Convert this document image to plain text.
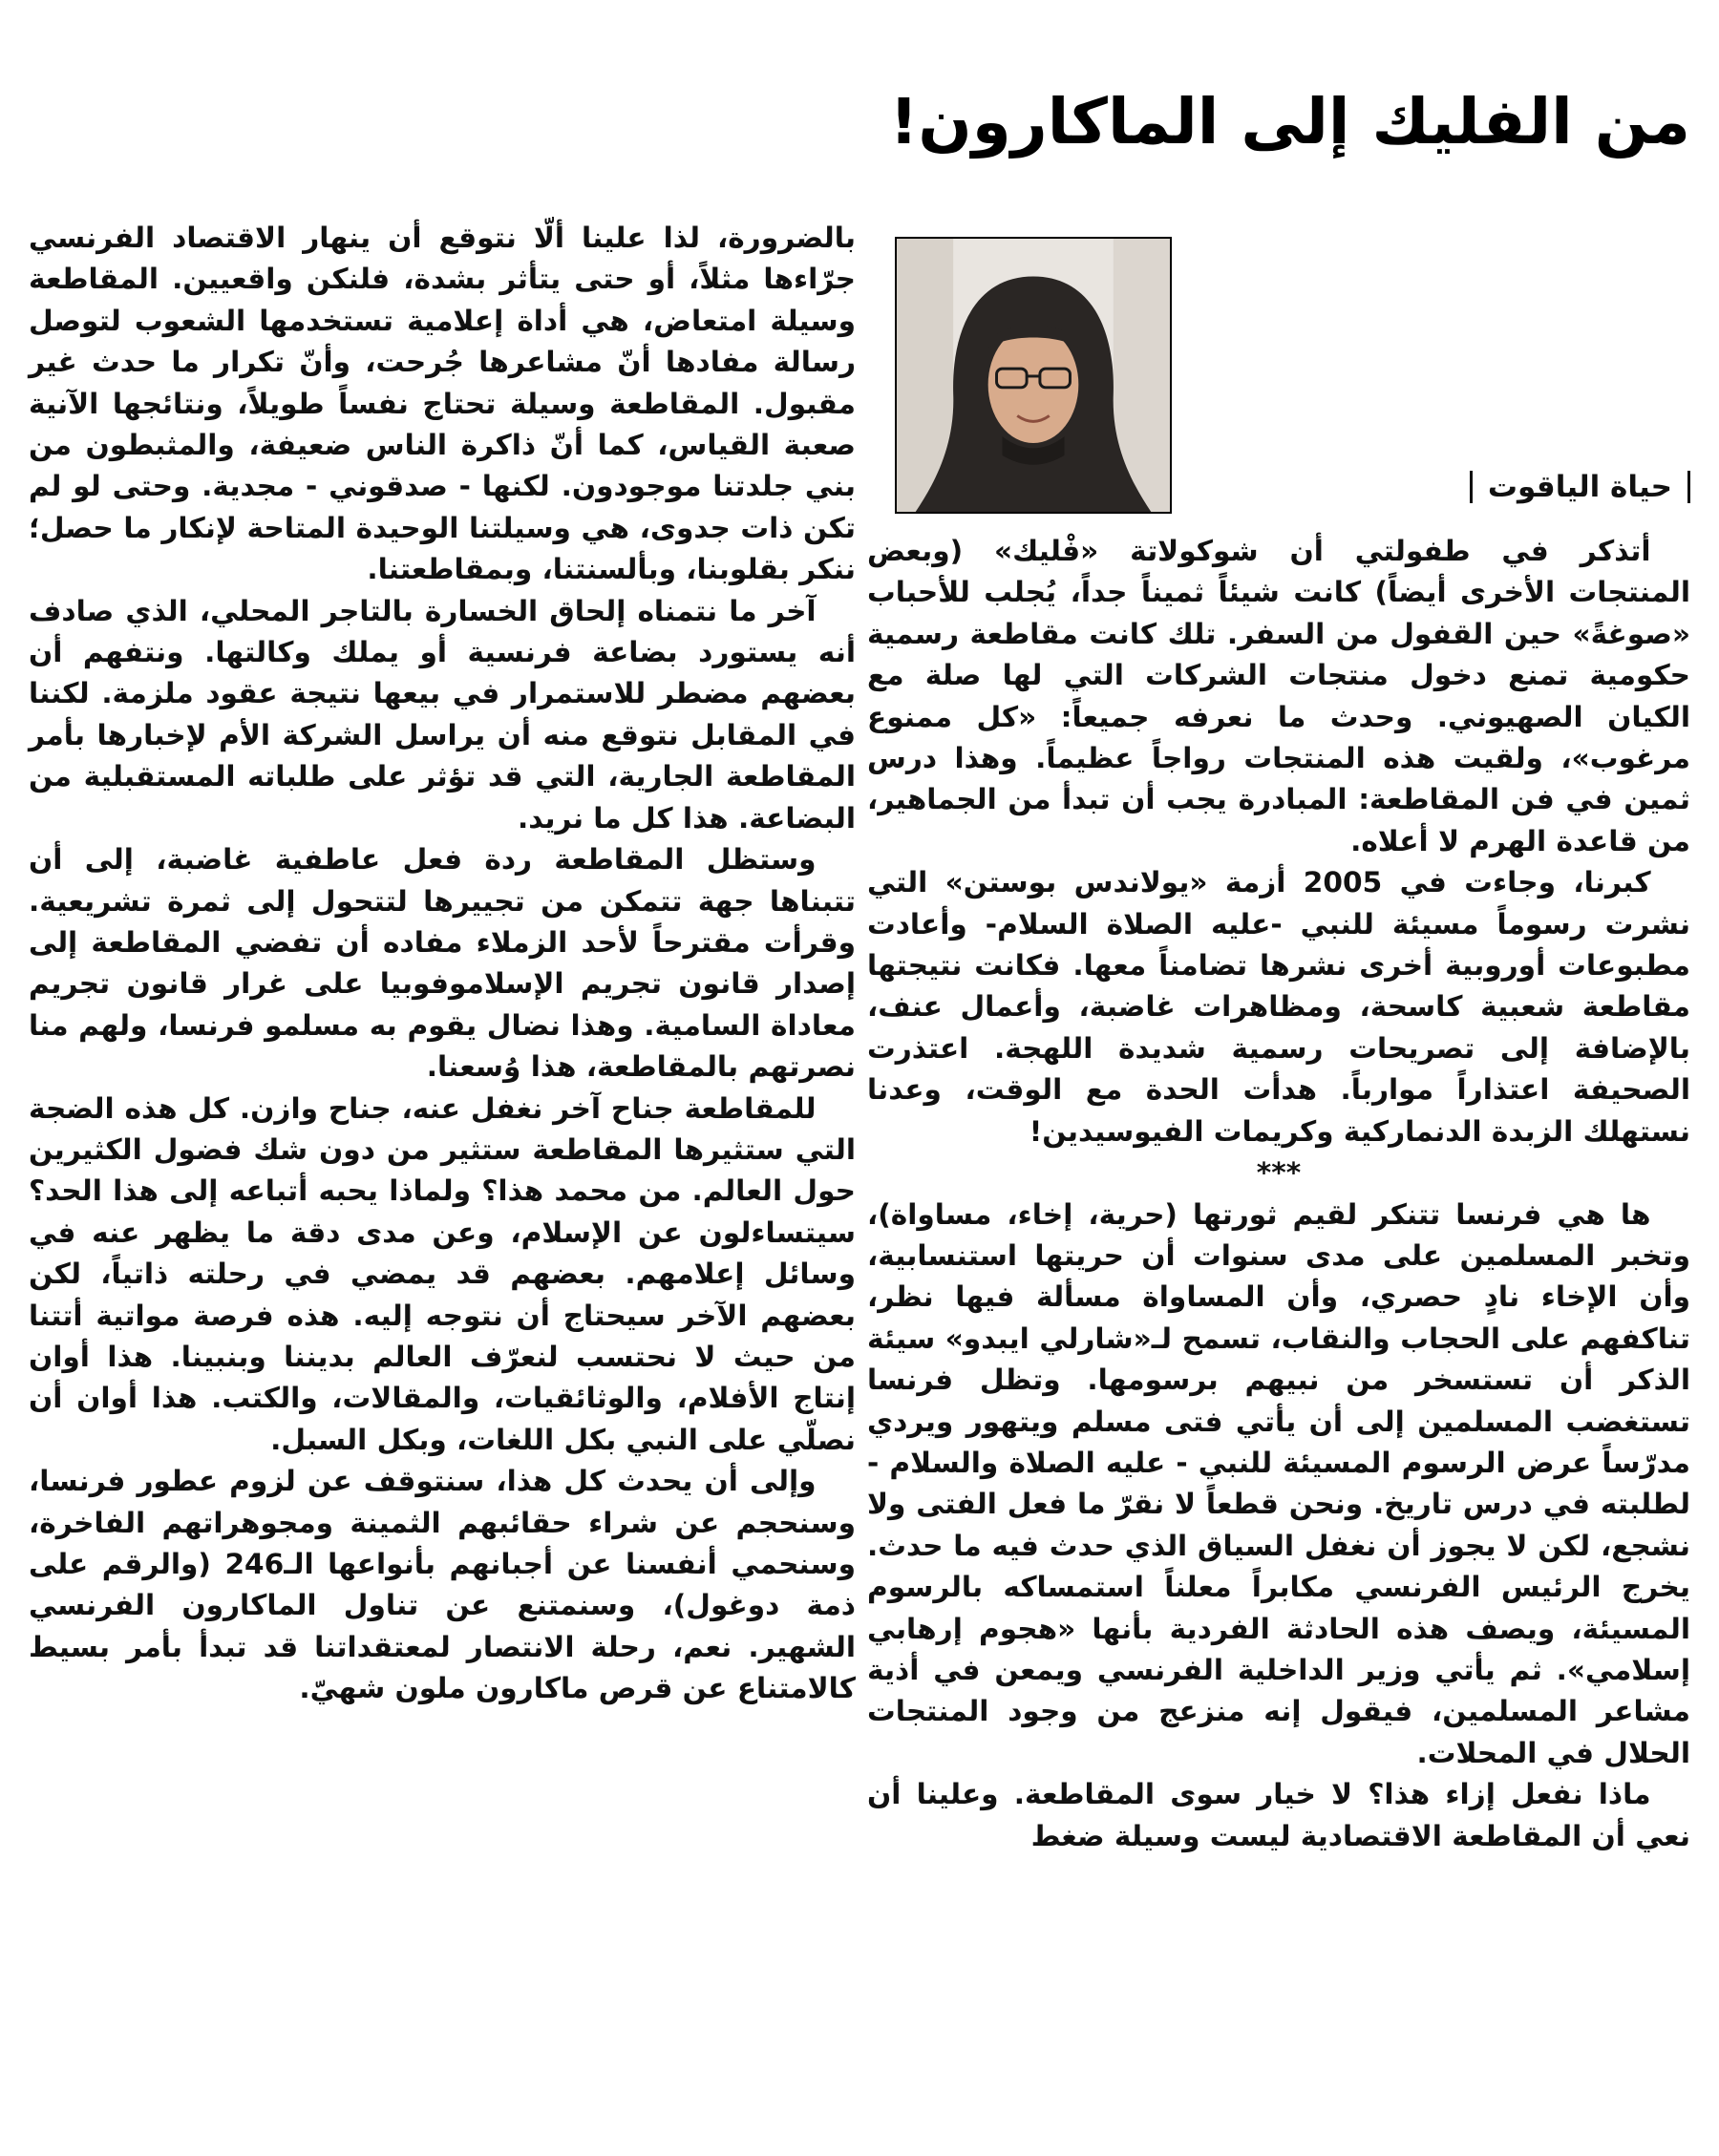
من الفليك إلى الماكارون!
حياة الياقوت

أتذكر في طفولتي أن شوكولاتة «فْليك» (وبعض المنتجات الأخرى أيضاً) كانت شيئاً ثميناً جداً، يُجلب للأحباب «صوغةً» حين القفول من السفر. تلك كانت مقاطعة رسمية حكومية تمنع دخول منتجات الشركات التي لها صلة مع الكيان الصهيوني. وحدث ما نعرفه جميعاً: «كل ممنوع مرغوب»، ولقيت هذه المنتجات رواجاً عظيماً. وهذا درس ثمين في فن المقاطعة: المبادرة يجب أن تبدأ من الجماهير، من قاعدة الهرم لا أعلاه.

كبرنا، وجاءت في 2005 أزمة «يولاندس بوستن» التي نشرت رسوماً مسيئة للنبي -عليه الصلاة السلام- وأعادت مطبوعات أوروبية أخرى نشرها تضامناً معها. فكانت نتيجتها مقاطعة شعبية كاسحة، ومظاهرات غاضبة، وأعمال عنف، بالإضافة إلى تصريحات رسمية شديدة اللهجة. اعتذرت الصحيفة اعتذاراً موارباً. هدأت الحدة مع الوقت، وعدنا نستهلك الزبدة الدنماركية وكريمات الفيوسيدين!

***

ها هي فرنسا تتنكر لقيم ثورتها (حرية، إخاء، مساواة)، وتخبر المسلمين على مدى سنوات أن حريتها استنسابية، وأن الإخاء نادٍ حصري، وأن المساواة مسألة فيها نظر، تناكفهم على الحجاب والنقاب، تسمح لـ«شارلي ايبدو» سيئة الذكر أن تستسخر من نبيهم برسومها. وتظل فرنسا تستغضب المسلمين إلى أن يأتي فتى مسلم ويتهور ويردي مدرّساً عرض الرسوم المسيئة للنبي - عليه الصلاة والسلام - لطلبته في درس تاريخ. ونحن قطعاً لا نقرّ ما فعل الفتى ولا نشجع، لكن لا يجوز أن نغفل السياق الذي حدث فيه ما حدث. يخرج الرئيس الفرنسي مكابراً معلناً استمساكه بالرسوم المسيئة، ويصف هذه الحادثة الفردية بأنها «هجوم إرهابي إسلامي». ثم يأتي وزير الداخلية الفرنسي ويمعن في أذية مشاعر المسلمين، فيقول إنه منزعج من وجود المنتجات الحلال في المحلات.

ماذا نفعل إزاء هذا؟ لا خيار سوى المقاطعة. وعلينا أن نعي أن المقاطعة الاقتصادية ليست وسيلة ضغط

بالضرورة، لذا علينا ألّا نتوقع أن ينهار الاقتصاد الفرنسي جرّاءها مثلاً، أو حتى يتأثر بشدة، فلنكن واقعيين. المقاطعة وسيلة امتعاض، هي أداة إعلامية تستخدمها الشعوب لتوصل رسالة مفادها أنّ مشاعرها جُرحت، وأنّ تكرار ما حدث غير مقبول. المقاطعة وسيلة تحتاج نفساً طويلاً، ونتائجها الآنية صعبة القياس، كما أنّ ذاكرة الناس ضعيفة، والمثبطون من بني جلدتنا موجودون. لكنها - صدقوني - مجدية. وحتى لو لم تكن ذات جدوى، هي وسيلتنا الوحيدة المتاحة لإنكار ما حصل؛ ننكر بقلوبنا، وبألسنتنا، وبمقاطعتنا.

آخر ما نتمناه إلحاق الخسارة بالتاجر المحلي، الذي صادف أنه يستورد بضاعة فرنسية أو يملك وكالتها. ونتفهم أن بعضهم مضطر للاستمرار في بيعها نتيجة عقود ملزمة. لكننا في المقابل نتوقع منه أن يراسل الشركة الأم لإخبارها بأمر المقاطعة الجارية، التي قد تؤثر على طلباته المستقبلية من البضاعة. هذا كل ما نريد.

وستظل المقاطعة ردة فعل عاطفية غاضبة، إلى أن تتبناها جهة تتمكن من تجييرها لتتحول إلى ثمرة تشريعية. وقرأت مقترحاً لأحد الزملاء مفاده أن تفضي المقاطعة إلى إصدار قانون تجريم الإسلاموفوبيا على غرار قانون تجريم معاداة السامية. وهذا نضال يقوم به مسلمو فرنسا، ولهم منا نصرتهم بالمقاطعة، هذا وُسعنا.

للمقاطعة جناح آخر نغفل عنه، جناح وازن. كل هذه الضجة التي ستثيرها المقاطعة ستثير من دون شك فضول الكثيرين حول العالم. من محمد هذا؟ ولماذا يحبه أتباعه إلى هذا الحد؟ سيتساءلون عن الإسلام، وعن مدى دقة ما يظهر عنه في وسائل إعلامهم. بعضهم قد يمضي في رحلته ذاتياً، لكن بعضهم الآخر سيحتاج أن نتوجه إليه. هذه فرصة مواتية أتتنا من حيث لا نحتسب لنعرّف العالم بديننا وبنبينا. هذا أوان إنتاج الأفلام، والوثائقيات، والمقالات، والكتب. هذا أوان أن نصلّي على النبي بكل اللغات، وبكل السبل.

وإلى أن يحدث كل هذا، سنتوقف عن لزوم عطور فرنسا، وسنحجم عن شراء حقائبهم الثمينة ومجوهراتهم الفاخرة، وسنحمي أنفسنا عن أجبانهم بأنواعها الـ246 (والرقم على ذمة دوغول)، وسنمتنع عن تناول الماكارون الفرنسي الشهير. نعم، رحلة الانتصار لمعتقداتنا قد تبدأ بأمر بسيط كالامتناع عن قرص ماكارون ملون شهيّ.
